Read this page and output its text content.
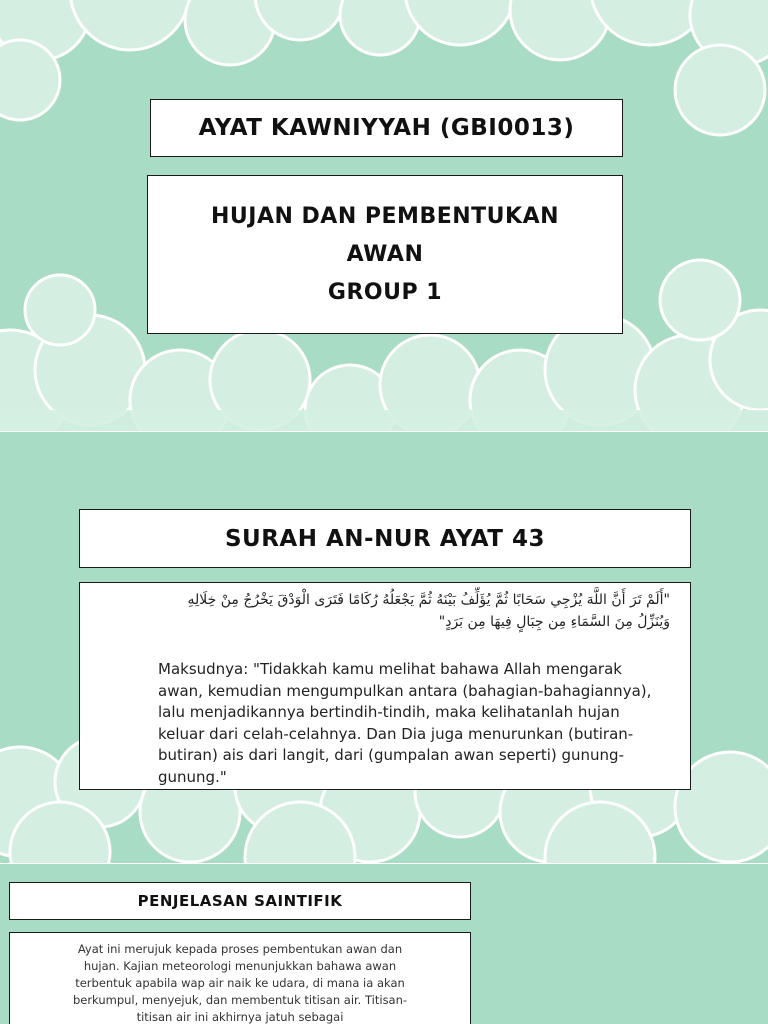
AYAT KAWNIYYAH (GBI0013)
HUJAN DAN PEMBENTUKAN
AWAN
GROUP 1
SURAH AN-NUR AYAT 43

"أَلَمْ تَرَ أَنَّ اللَّهَ يُزْجِي سَحَابًا ثُمَّ يُؤَلِّفُ بَيْنَهُ ثُمَّ يَجْعَلُهُ رُكَامًا فَتَرَى الْوَدْقَ يَخْرُجُ مِنْ خِلَالِهِ وَيُنَزِّلُ مِنَ السَّمَاءِ مِن جِبَالٍ فِيهَا مِن بَرَدٍ"

Maksudnya: "Tidakkah kamu melihat bahawa Allah mengarak awan, kemudian mengumpulkan antara (bahagian-bahagiannya), lalu menjadikannya bertindih-tindih, maka kelihatanlah hujan keluar dari celah-celahnya. Dan Dia juga menurunkan (butiran-butiran) ais dari langit, dari (gumpalan awan seperti) gunung-gunung."

PENJELASAN SAINTIFIK
Ayat ini merujuk kepada proses pembentukan awan dan hujan. Kajian meteorologi menunjukkan bahawa awan terbentuk apabila wap air naik ke udara, di mana ia akan berkumpul, menyejuk, dan membentuk titisan air. Titisan-titisan air ini akhirnya jatuh sebagai
